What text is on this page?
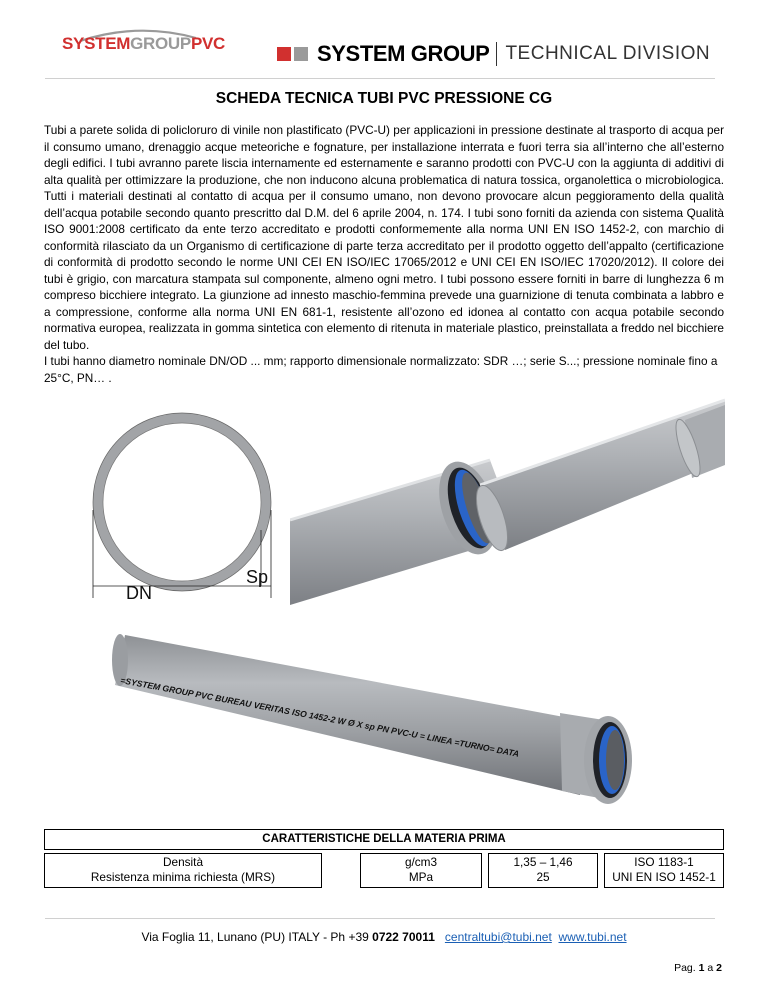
SYSTEMGROUPPVC	SYSTEM GROUP TECHNICAL DIVISION
SCHEDA TECNICA TUBI PVC PRESSIONE CG

Tubi a parete solida di policloruro di vinile non plastificato (PVC-U) per applicazioni in pressione destinate al trasporto di acqua per il consumo umano, drenaggio acque meteoriche e fognature, per installazione interrata e fuori terra sia all’interno che all’esterno degli edifici. I tubi avranno parete liscia internamente ed esternamente e saranno prodotti con PVC-U con la aggiunta di additivi di alta qualità per ottimizzare la produzione, che non inducono alcuna problematica di natura tossica, organolettica o microbiologica. Tutti i materiali destinati al contatto di acqua per il consumo umano, non devono provocare alcun peggioramento della qualità dell’acqua potabile secondo quanto prescritto dal D.M. del 6 aprile 2004, n. 174. I tubi sono forniti da azienda con sistema Qualità ISO 9001:2008 certificato da ente terzo accreditato e prodotti conformemente alla norma UNI EN ISO 1452-2, con marchio di conformità rilasciato da un Organismo di certificazione di parte terza accreditato per il prodotto oggetto dell’appalto (certificazione di conformità di prodotto secondo le norme UNI CEI EN ISO/IEC 17065/2012 e UNI CEI EN ISO/IEC 17020/2012). Il colore dei tubi è grigio, con marcatura stampata sul componente, almeno ogni metro. I tubi possono essere forniti in barre di lunghezza 6 m compreso bicchiere integrato. La giunzione ad innesto maschio-femmina prevede una guarnizione di tenuta combinata a labbro e a compressione, conforme alla norma UNI EN 681-1, resistente all’ozono ed idonea al contatto con acqua potabile secondo normativa europea, realizzata in gomma sintetica con elemento di ritenuta in materiale plastico, preinstallata a freddo nel bicchiere del tubo.

I tubi hanno diametro nominale DN/OD ... mm; rapporto dimensionale normalizzato: SDR …; serie S...; pressione nominale fino a 25°C, PN… .

DN
Sp
=SYSTEM GROUP PVC BUREAU VERITAS ISO 1452-2 W Ø X sp PN PVC-U = LINEA =TURNO= DATA
CARATTERISTICHE DELLA MATERIA PRIMA
Densità
Resistenza minima richiesta (MRS)
g/cm3
MPa
1,35 – 1,46
25
ISO 1183-1
UNI EN ISO 1452-1
Via Foglia 11, Lunano (PU) ITALY - Ph +39 0722 70011 centraltubi@tubi.net www.tubi.net
Pag. 1 a 2
